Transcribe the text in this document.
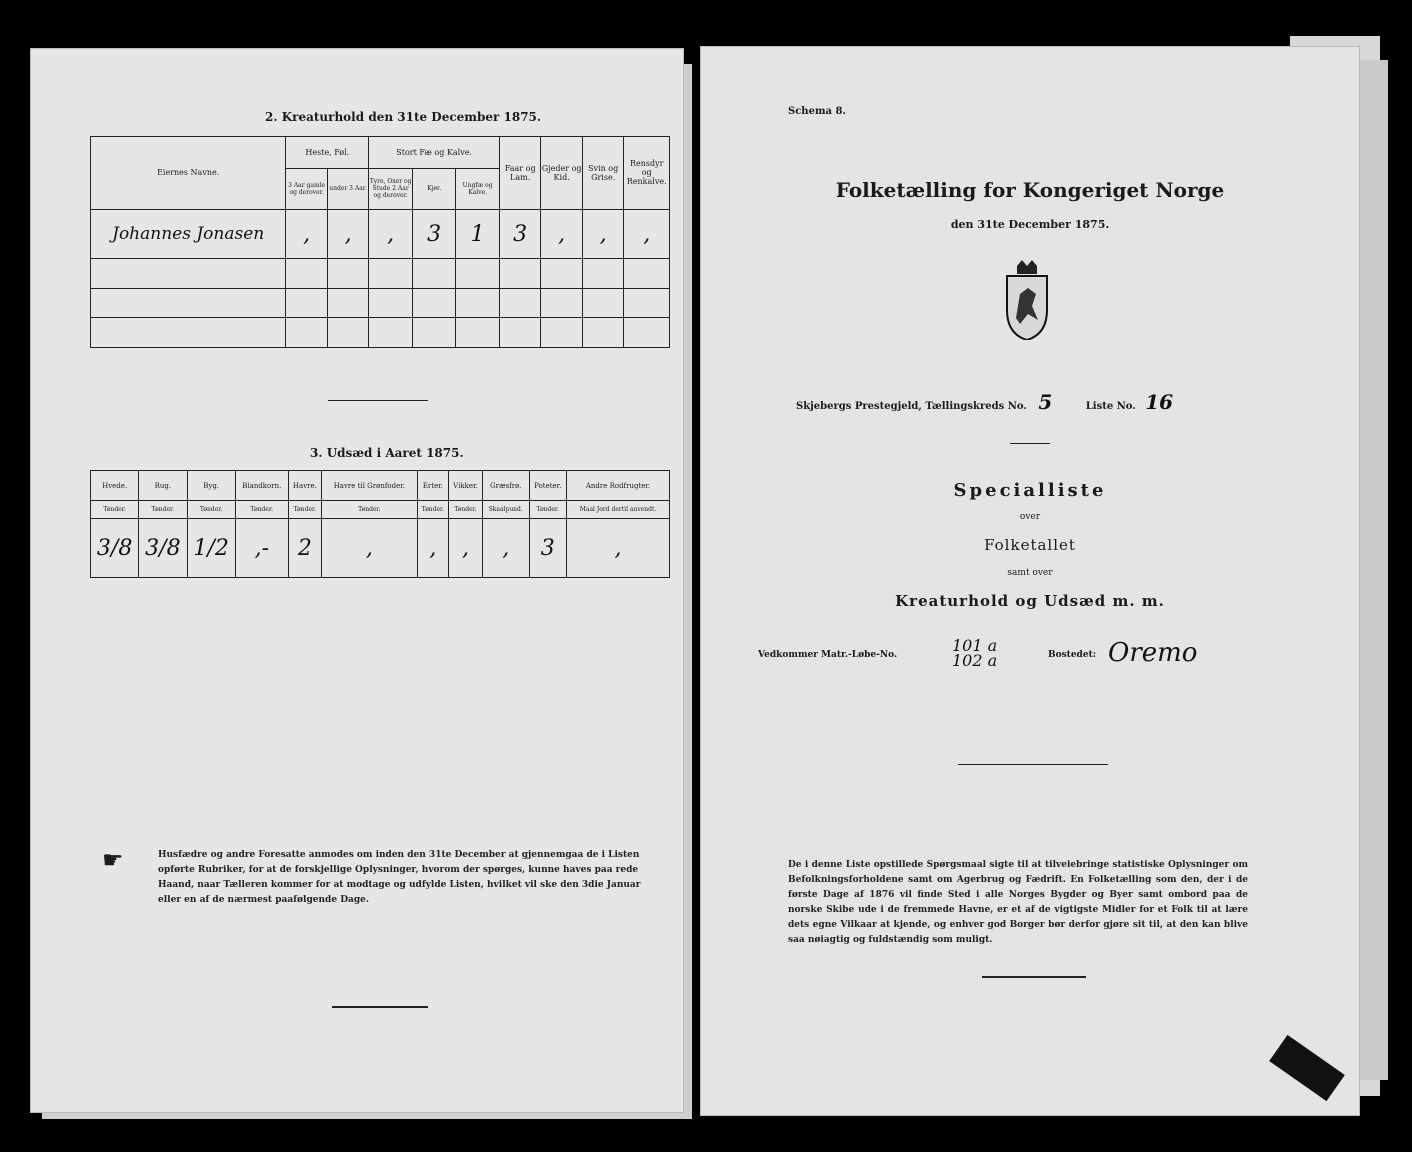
2. Kreaturhold den 31te December 1875.
Eiernes Navne.	Heste, Føl.		Stort Fæ og Kalve.			Faar og Lam.	Gjeder og Kid.	Svin og Grise.	Rensdyr og Renkalve.
	3 Aar gamle og derover.	under 3 Aar.	Tyre, Oxer og Stude 2 Aar og derover.	Kjør.	Ungfæ og Kalve.				
Johannes Jonasen	,	,	,	3	1	3	,	,	,

3. Udsæd i Aaret 1875.
Hvede.	Rug.	Byg.	Blandkorn.	Havre.	Havre til Grønfoder.	Erter.	Vikker.	Græsfrø.	Poteter.	Andre Rodfrugter.
Tønder.	Tønder.	Tønder.	Tønder.	Tønder.	Tønder.	Tønder.	Tønder.	Skaalpund.	Tønder.	Maal Jord dertil anvendt.
3/8	3/8	1/2	,-	2	,	,	,	,	3	,
☛	Husfædre og andre Foresatte anmodes om inden den 31te December at gjennemgaa de i Listen opførte Rubriker, for at de forskjellige Oplysninger, hvorom der spørges, kunne haves paa rede Haand, naar Tælleren kommer for at modtage og udfylde Listen, hvilket vil ske den 3die Januar eller en af de nærmest paafølgende Dage.
Schema 8.
Folketælling for Kongeriget Norge
den 31te December 1875.
Skjebergs Prestegjeld, Tællingskreds No. 5	Liste No. 16
Specialliste
over
Folketallet
samt over
Kreaturhold og Udsæd m. m.
Vedkommer Matr.-Løbe-No.	101 a
102 a	Bostedet: Oremo
De i denne Liste opstillede Spørgsmaal sigte til at tilveiebringe statistiske Oplysninger om Befolkningsforholdene samt om Agerbrug og Fædrift. En Folketælling som den, der i de første Dage af 1876 vil finde Sted i alle Norges Bygder og Byer samt ombord paa de norske Skibe ude i de fremmede Havne, er et af de vigtigste Midler for et Folk til at lære dets egne Vilkaar at kjende, og enhver god Borger bør derfor gjøre sit til, at den kan blive saa nøiagtig og fuldstændig som muligt.
